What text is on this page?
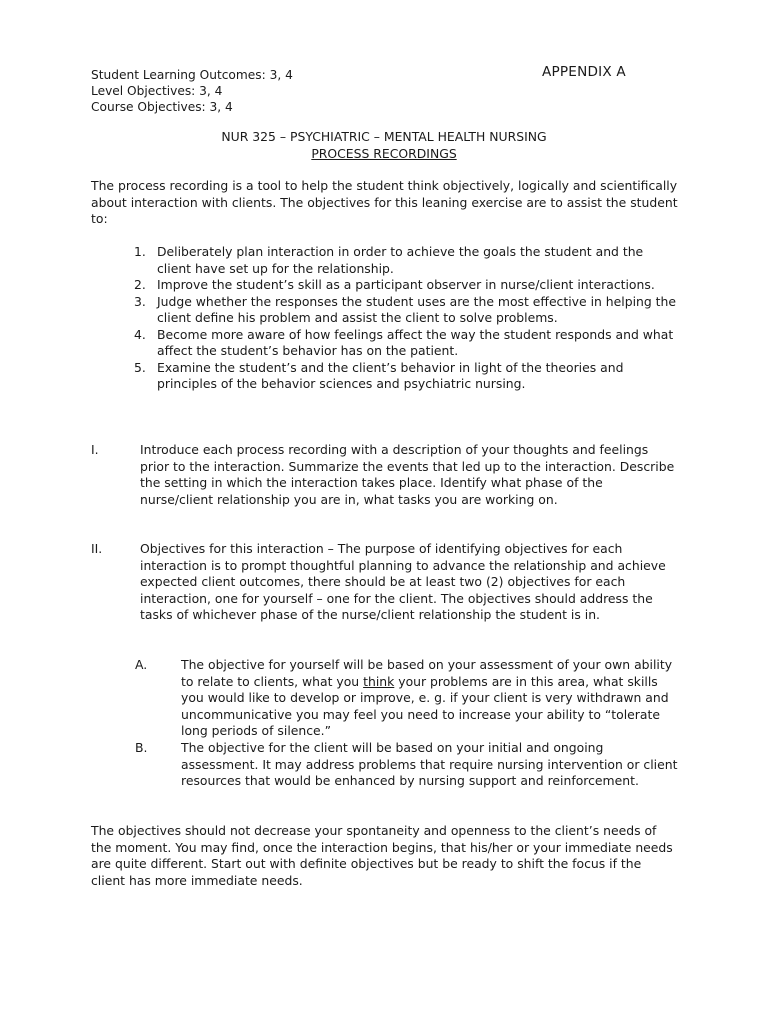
Student Learning Outcomes: 3, 4
Level Objectives: 3, 4
Course Objectives: 3, 4
APPENDIX A
NUR 325 – PSYCHIATRIC – MENTAL HEALTH NURSING
PROCESS RECORDINGS
The process recording is a tool to help the student think objectively, logically and scientifically about interaction with clients. The objectives for this leaning exercise are to assist the student to:
1. Deliberately plan interaction in order to achieve the goals the student and the client have set up for the relationship.
2. Improve the student’s skill as a participant observer in nurse/client interactions.
3. Judge whether the responses the student uses are the most effective in helping the client define his problem and assist the client to solve problems.
4. Become more aware of how feelings affect the way the student responds and what affect the student’s behavior has on the patient.
5. Examine the student’s and the client’s behavior in light of the theories and principles of the behavior sciences and psychiatric nursing.
I.	Introduce each process recording with a description of your thoughts and feelings prior to the interaction. Summarize the events that led up to the interaction. Describe the setting in which the interaction takes place. Identify what phase of the nurse/client relationship you are in, what tasks you are working on.
II.	Objectives for this interaction – The purpose of identifying objectives for each interaction is to prompt thoughtful planning to advance the relationship and achieve expected client outcomes, there should be at least two (2) objectives for each interaction, one for yourself – one for the client. The objectives should address the tasks of whichever phase of the nurse/client relationship the student is in.
A.	The objective for yourself will be based on your assessment of your own ability to relate to clients, what you think your problems are in this area, what skills you would like to develop or improve, e. g. if your client is very withdrawn and uncommunicative you may feel you need to increase your ability to “tolerate long periods of silence.”
B.	The objective for the client will be based on your initial and ongoing assessment. It may address problems that require nursing intervention or client resources that would be enhanced by nursing support and reinforcement.
The objectives should not decrease your spontaneity and openness to the client’s needs of the moment. You may find, once the interaction begins, that his/her or your immediate needs are quite different. Start out with definite objectives but be ready to shift the focus if the client has more immediate needs.
